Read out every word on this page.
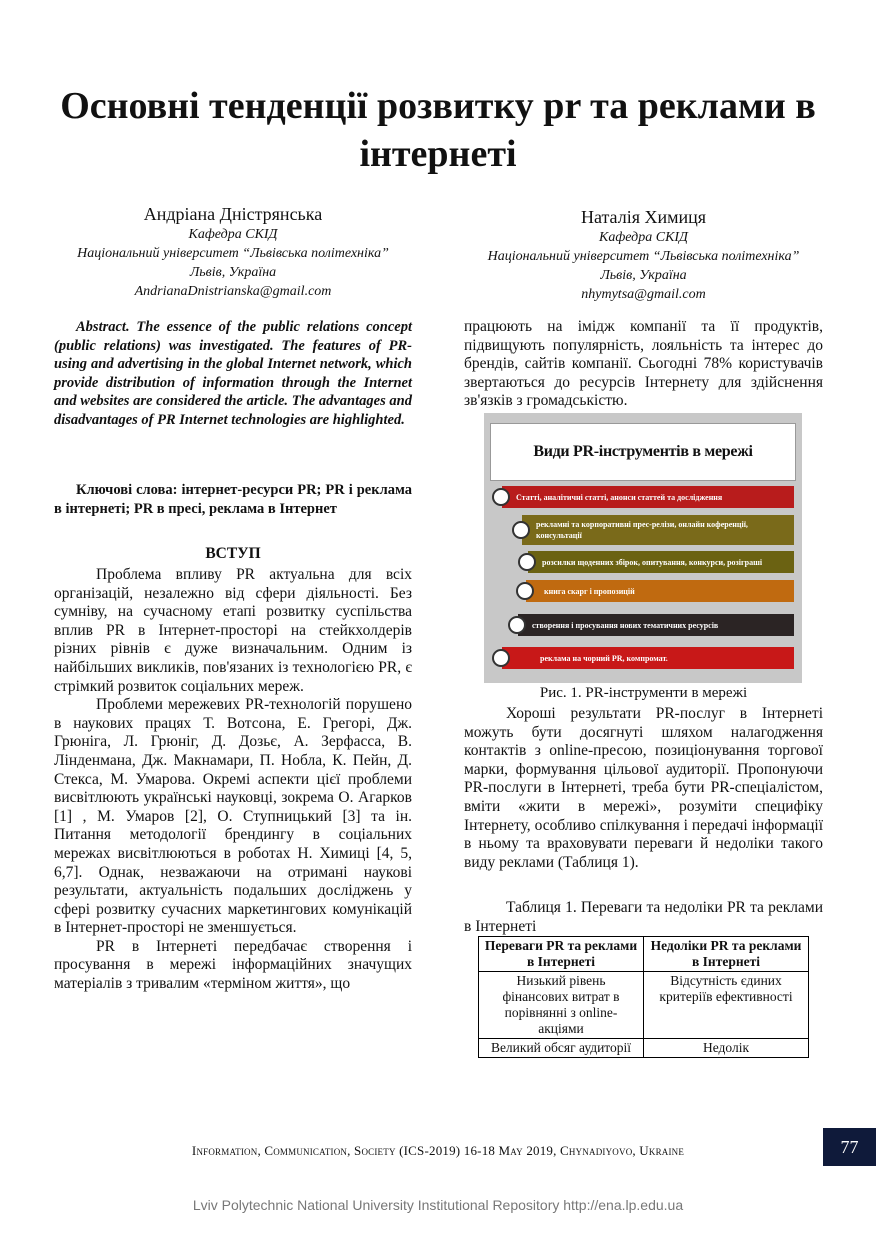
Основні тенденції розвитку pr та реклами в інтернеті
Андріана Дністрянська
Кафедра СКІД
Національний університет “Львівська політехніка”
Львів, Україна
AndrianaDnistrianska@gmail.com
Наталія Химиця
Кафедра СКІД
Національний університет “Львівська політехніка”
Львів, Україна
nhymytsa@gmail.com
Abstract. The essence of the public relations concept (public relations) was investigated. The features of PR-using and advertising in the global Internet network, which provide distribution of information through the Internet and websites are considered the article. The advantages and disadvantages of PR Internet technologies are highlighted.
Ключові слова: інтернет-ресурси PR; PR і реклама в інтернеті; PR в пресі, реклама в Інтернет
ВСТУП

Проблема впливу PR актуальна для всіх організацій, незалежно від сфери діяльності. Без сумніву, на сучасному етапі розвитку суспільства вплив PR в Інтернет-просторі на стейкхолдерів різних рівнів є дуже визначальним. Одним із найбільших викликів, пов'язаних із технологією PR, є стрімкий розвиток соціальних мереж.

Проблеми мережевих PR-технологій порушено в наукових працях Т. Вотсона, Е. Грегорі, Дж. Грюніга, Л. Грюніг, Д. Дозьє, А. Зерфасса, В. Лінденмана, Дж. Макнамари, П. Нобла, К. Пейн, Д. Стекса, М. Умарова. Окремі аспекти цієї проблеми висвітлюють українські науковці, зокрема О. Агарков [1] , М. Умаров [2], О. Ступницький [3] та ін. Питання методології брендингу в соціальних мережах висвітлюються в роботах Н. Химиці [4, 5, 6,7]. Однак, незважаючи на отримані наукові результати, актуальність подальших досліджень у сфері розвитку сучасних маркетингових комунікацій в Інтернет-просторі не зменшується.

PR в Інтернеті передбачає створення і просування в мережі інформаційних значущих матеріалів з тривалим «терміном життя», що

працюють на імідж компанії та її продуктів, підвищують популярність, лояльність та інтерес до брендів, сайтів компанії. Сьогодні 78% користувачів звертаються до ресурсів Інтернету для здійснення зв'язків з громадськістю.

Види PR-інструментів в мережі
Статті, аналітичні статті, анонси статтей та дослідження
рекламні та корпоративні прес-релізи, онлайн коференції, консультації
розсилки щоденних збірок, опитування, конкурси, розіграші
книга скарг і пропозицій
створення і просування нових тематичних ресурсів
реклама на чорний PR, компромат.
Рис. 1. PR-інструменти в мережі

Хороші результати PR-послуг в Інтернеті можуть бути досягнуті шляхом налагодження контактів з online-пресою, позиціонування торгової марки, формування цільової аудиторії. Пропонуючи PR-послуги в Інтернеті, треба бути PR-спеціалістом, вміти «жити в мережі», розуміти специфіку Інтернету, особливо спілкування і передачі інформації в ньому та враховувати переваги й недоліки такого виду реклами (Таблиця 1).

Таблиця 1. Переваги та недоліки PR та реклами в Інтернеті

Переваги PR та реклами в Інтернеті	Недоліки PR та реклами в Інтернеті
Низький рівень фінансових витрат в порівнянні з online-акціями	Відсутність єдиних критеріїв ефективності
Великий обсяг аудиторії	Недолік
Information, Communication, Society (ICS-2019) 16-18 May 2019, Chynadiyovo, Ukraine	77
Lviv Polytechnic National University Institutional Repository http://ena.lp.edu.ua
